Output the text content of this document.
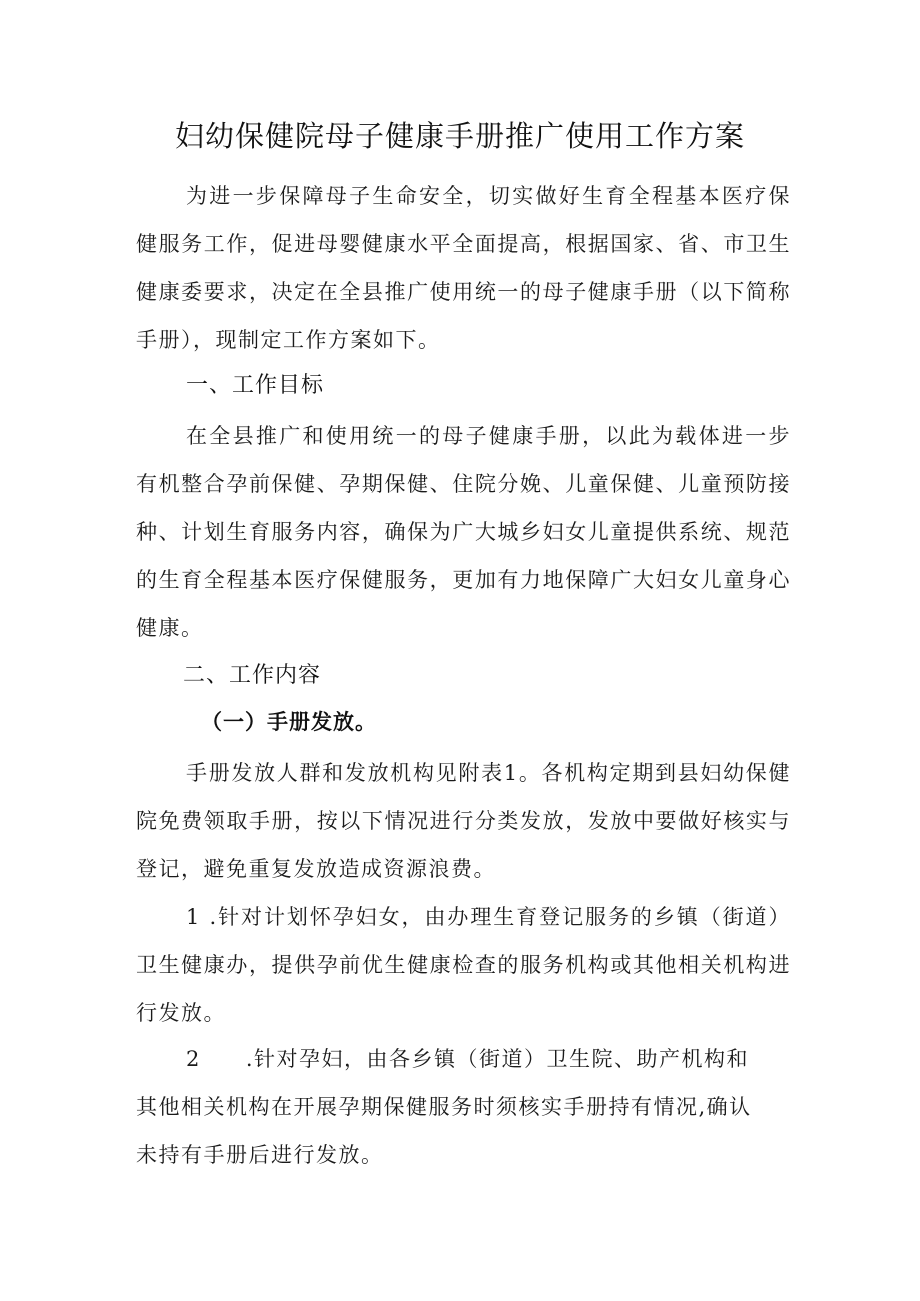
妇幼保健院母子健康手册推广使用工作方案

为进一步保障母子生命安全，切实做好生育全程基本医疗保健服务工作，促进母婴健康水平全面提高，根据国家、省、市卫生健康委要求，决定在全县推广使用统一的母子健康手册（以下简称手册），现制定工作方案如下。

一、工作目标

在全县推广和使用统一的母子健康手册，以此为载体进一步有机整合孕前保健、孕期保健、住院分娩、儿童保健、儿童预防接种、计划生育服务内容，确保为广大城乡妇女儿童提供系统、规范的生育全程基本医疗保健服务，更加有力地保障广大妇女儿童身心健康。

二、工作内容
（一）手册发放。

手册发放人群和发放机构见附表1。各机构定期到县妇幼保健院免费领取手册，按以下情况进行分类发放，发放中要做好核实与登记，避免重复发放造成资源浪费。

1 .针对计划怀孕妇女，由办理生育登记服务的乡镇（街道）卫生健康办，提供孕前优生健康检查的服务机构或其他相关机构进行发放。

2　　.针对孕妇，由各乡镇（街道）卫生院、助产机构和
其他相关机构在开展孕期保健服务时须核实手册持有情况,确认
未持有手册后进行发放。
